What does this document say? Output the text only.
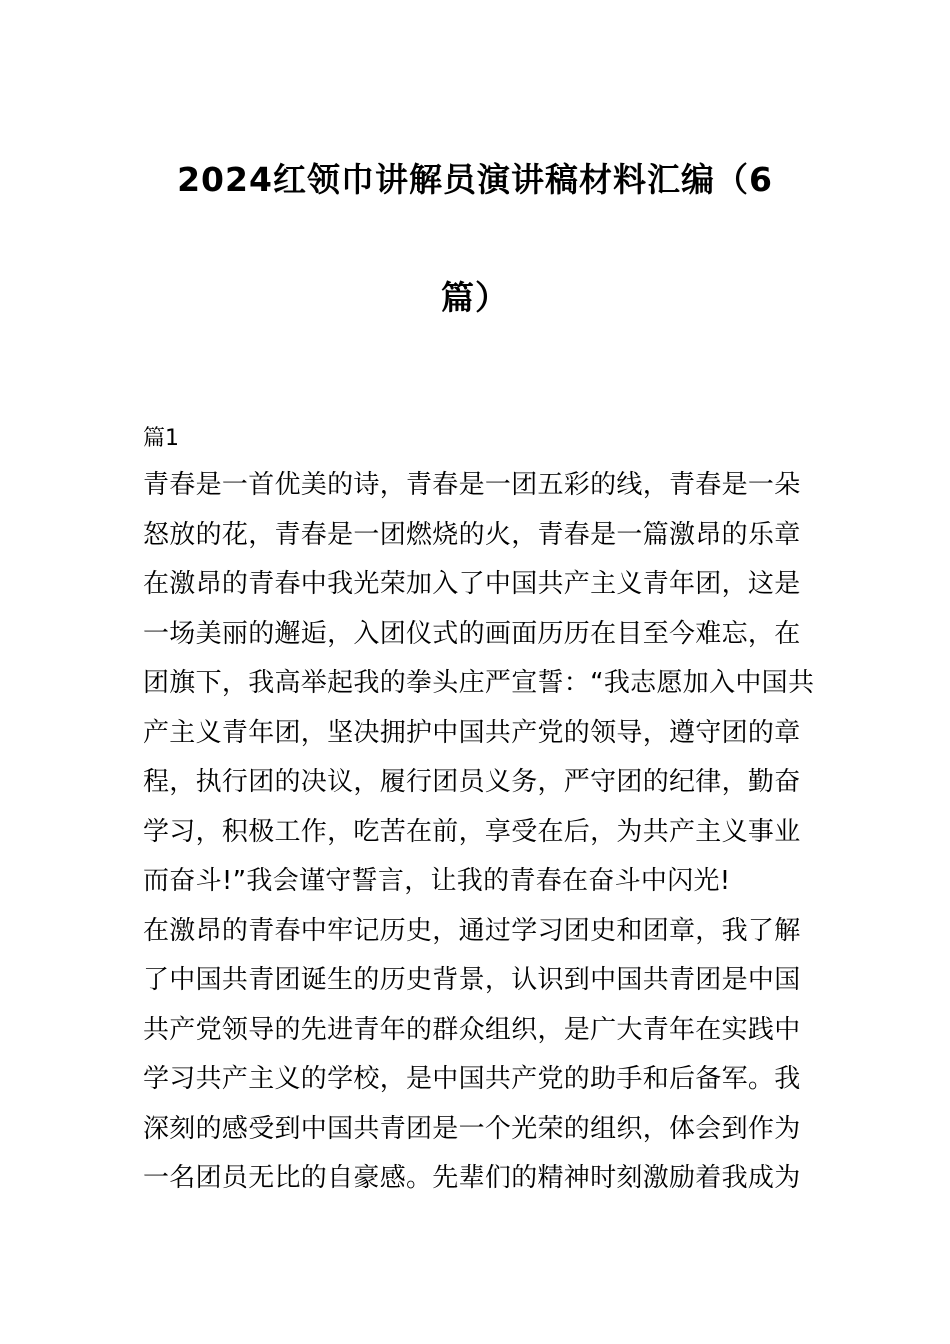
2024红领巾讲解员演讲稿材料汇编（6
篇）
篇1
青春是一首优美的诗，青春是一团五彩的线，青春是一朵
怒放的花，青春是一团燃烧的火，青春是一篇激昂的乐章
在激昂的青春中我光荣加入了中国共产主义青年团，这是
一场美丽的邂逅，入团仪式的画面历历在目至今难忘，在
团旗下，我高举起我的拳头庄严宣誓：“我志愿加入中国共
产主义青年团，坚决拥护中国共产党的领导，遵守团的章
程，执行团的决议，履行团员义务，严守团的纪律，勤奋
学习，积极工作，吃苦在前，享受在后，为共产主义事业
而奋斗!”我会谨守誓言，让我的青春在奋斗中闪光!
在激昂的青春中牢记历史，通过学习团史和团章，我了解
了中国共青团诞生的历史背景，认识到中国共青团是中国
共产党领导的先进青年的群众组织，是广大青年在实践中
学习共产主义的学校，是中国共产党的助手和后备军。我
深刻的感受到中国共青团是一个光荣的组织，体会到作为
一名团员无比的自豪感。先辈们的精神时刻激励着我成为
